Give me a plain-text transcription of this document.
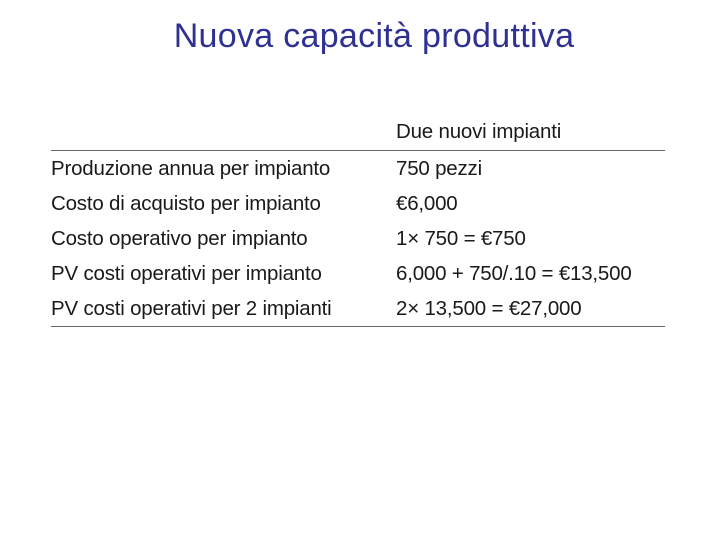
Nuova capacità produttiva
	Due nuovi impianti
Produzione annua per impianto	750 pezzi
Costo di acquisto per impianto	€6,000
Costo operativo per impianto	1× 750 = €750
PV costi operativi per impianto	6,000 + 750/.10 = €13,500
PV costi operativi per 2 impianti	2× 13,500 = €27,000
